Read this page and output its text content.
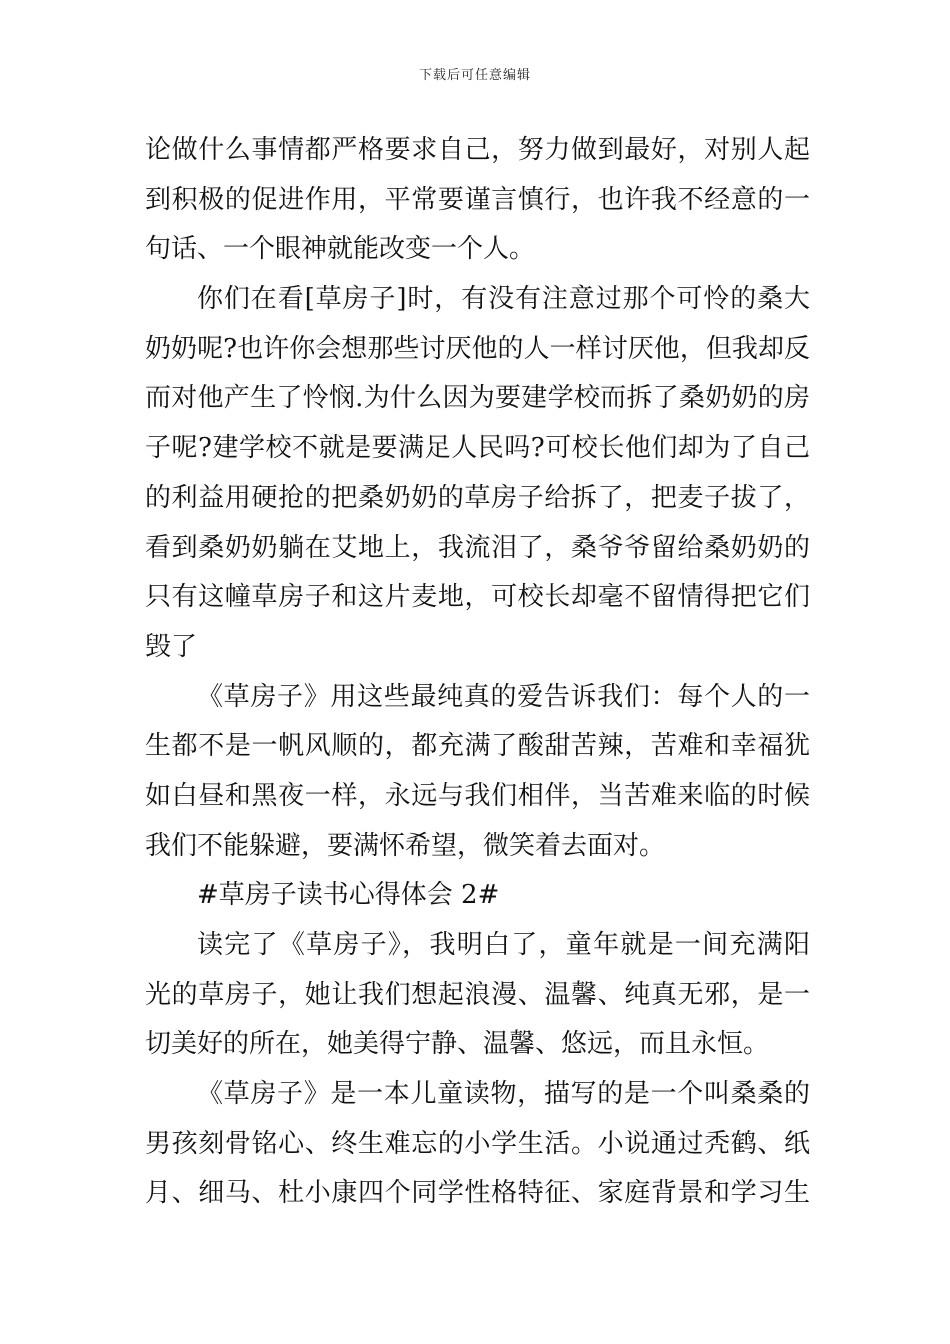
下载后可任意编辑
论做什么事情都严格要求自己，努力做到最好，对别人起
到积极的促进作用，平常要谨言慎行，也许我不经意的一
句话、一个眼神就能改变一个人。
你们在看[草房子]时，有没有注意过那个可怜的桑大
奶奶呢?也许你会想那些讨厌他的人一样讨厌他，但我却反
而对他产生了怜悯.为什么因为要建学校而拆了桑奶奶的房
子呢?建学校不就是要满足人民吗?可校长他们却为了自己
的利益用硬抢的把桑奶奶的草房子给拆了，把麦子拔了，
看到桑奶奶躺在艾地上，我流泪了，桑爷爷留给桑奶奶的
只有这幢草房子和这片麦地，可校长却毫不留情得把它们
毁了
《草房子》用这些最纯真的爱告诉我们：每个人的一
生都不是一帆风顺的，都充满了酸甜苦辣，苦难和幸福犹
如白昼和黑夜一样，永远与我们相伴，当苦难来临的时候
我们不能躲避，要满怀希望，微笑着去面对。
#草房子读书心得体会 2#
读完了《草房子》，我明白了，童年就是一间充满阳
光的草房子，她让我们想起浪漫、温馨、纯真无邪，是一
切美好的所在，她美得宁静、温馨、悠远，而且永恒。
《草房子》是一本儿童读物，描写的是一个叫桑桑的
男孩刻骨铭心、终生难忘的小学生活。小说通过秃鹤、纸
月、细马、杜小康四个同学性格特征、家庭背景和学习生
